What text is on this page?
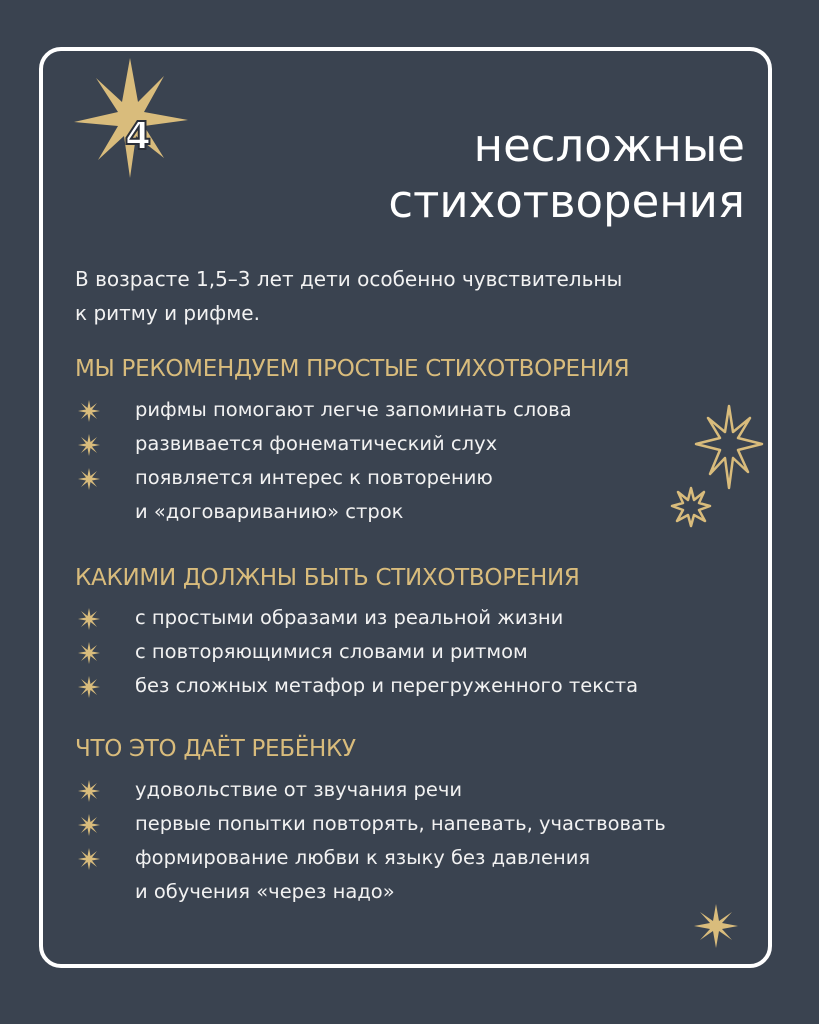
4	несложные
стихотворения
В возрасте 1,5–3 лет дети особенно чувствительны
к ритму и рифме.
МЫ РЕКОМЕНДУЕМ ПРОСТЫЕ СТИХОТВОРЕНИЯ
рифмы помогают легче запоминать слова
развивается фонематический слух
появляется интерес к повторению
и «договариванию» строк
КАКИМИ ДОЛЖНЫ БЫТЬ СТИХОТВОРЕНИЯ
с простыми образами из реальной жизни
с повторяющимися словами и ритмом
без сложных метафор и перегруженного текста
ЧТО ЭТО ДАЁТ РЕБЁНКУ
удовольствие от звучания речи
первые попытки повторять, напевать, участвовать
формирование любви к языку без давления
и обучения «через надо»
